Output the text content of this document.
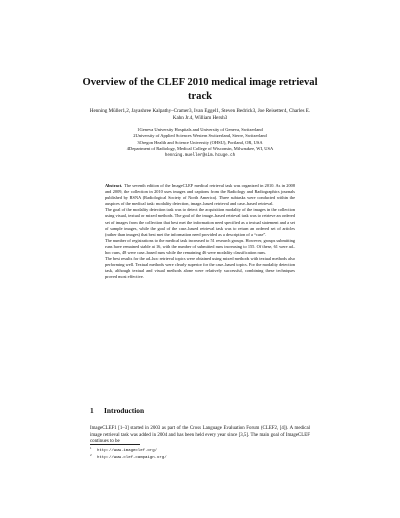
Overview of the CLEF 2010 medical image retrieval track
Henning Müller1,2, Jayashree Kalpathy–Cramer3, Ivan Eggel1, Steven Bedrick3, Joe Reisetter4, Charles E. Kahn Jr.4, William Hersh3
1Geneva University Hospitals and University of Geneva, Switzerland
2University of Applied Sciences Western Switzerland, Sierre, Switzerland
3Oregon Health and Science University (OHSU), Portland, OR, USA
4Department of Radiology, Medical College of Wisconsin, Milwaukee, WI, USA
henning.mueller@sim.hcuge.ch

Abstract. The seventh edition of the ImageCLEF medical retrieval task was organized in 2010. As in 2008 and 2009, the collection in 2010 uses images and captions from the Radiology and Radiographics journals published by RSNA (Radiological Society of North America). Three subtasks were conducted within the auspices of the medical task: modality detection, image–based retrieval and case–based retrieval.

The goal of the modality detection task was to detect the acquisition modality of the images in the collection using visual, textual or mixed methods. The goal of the image–based retrieval task was to retrieve an ordered set of images from the collection that best met the information need specified as a textual statement and a set of sample images, while the goal of the case–based retrieval task was to return an ordered set of articles (rather than images) that best met the information need provided as a description of a “case”.

The number of registrations to the medical task increased to 51 research groups. However, groups submitting runs have remained stable at 16, with the number of submitted runs increasing to 155. Of these, 61 were ad–hoc runs, 48 were case–based runs while the remaining 46 were modality classification runs.

The best results for the ad–hoc retrieval topics were obtained using mixed methods with textual methods also performing well. Textual methods were clearly superior for the case–based topics. For the modality detection task, although textual and visual methods alone were relatively successful, combining these techniques proved most effective.

1 Introduction

ImageCLEF1 [1–3] started in 2003 as part of the Cross Language Evaluation Forum (CLEF2, [4]). A medical image retrieval task was added in 2004 and has been held every year since [3,5]. The main goal of ImageCLEF continues to be

1http://www.imageclef.org/
2http://www.clef-campaign.org/
